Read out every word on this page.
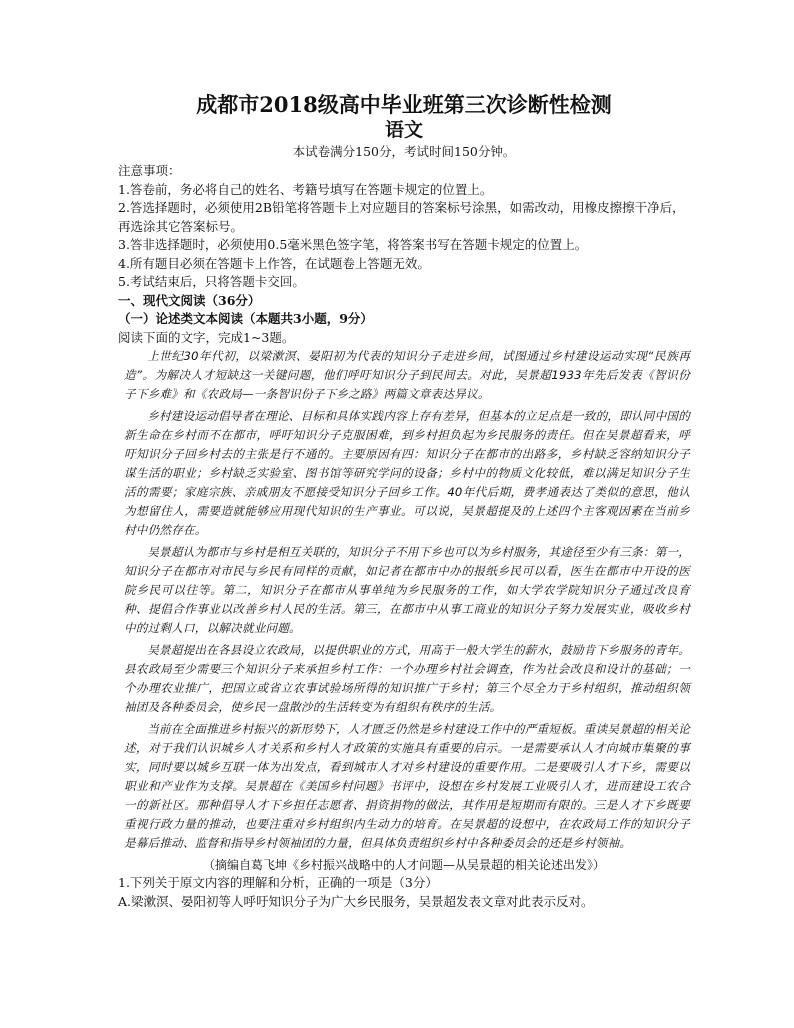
成都市2018级高中毕业班第三次诊断性检测
语文
本试卷满分150分，考试时间150分钟。
注意事项：
1.答卷前，务必将自己的姓名、考籍号填写在答题卡规定的位置上。
2.答选择题时，必须使用2B铅笔将答题卡上对应题目的答案标号涂黑，如需改动，用橡皮擦擦干净后，再选涂其它答案标号。
3.答非选择题时，必须使用0.5毫米黑色签字笔，将答案书写在答题卡规定的位置上。
4.所有题目必须在答题卡上作答，在试题卷上答题无效。
5.考试结束后，只将答题卡交回。
一、现代文阅读（36分）
（一）论述类文本阅读（本题共3小题，9分）
阅读下面的文字，完成1~3题。

上世纪30年代初，以梁漱溟、晏阳初为代表的知识分子走进乡间，试图通过乡村建设运动实现“民族再造”。为解决人才短缺这一关键问题，他们呼吁知识分子到民间去。对此，吴景超1933年先后发表《智识份子下乡难》和《农政局—一条智识份子下乡之路》两篇文章表达异议。

乡村建设运动倡导者在理论、目标和具体实践内容上存有差异，但基本的立足点是一致的，即认同中国的新生命在乡村而不在都市，呼吁知识分子克服困难，到乡村担负起为乡民服务的责任。但在吴景超看来，呼吁知识分子回乡村去的主张是行不通的。主要原因有四：知识分子在都市的出路多，乡村缺乏容纳知识分子谋生活的职业；乡村缺乏实验室、图书馆等研究学问的设备；乡村中的物质文化较低，难以满足知识分子生活的需要；家庭宗族、亲戚朋友不愿接受知识分子回乡工作。40年代后期，费孝通表达了类似的意思，他认为想留住人，需要造就能够应用现代知识的生产事业。可以说，吴景超提及的上述四个主客观因素在当前乡村中仍然存在。

吴景超认为都市与乡村是相互关联的，知识分子不用下乡也可以为乡村服务，其途径至少有三条：第一，知识分子在都市对市民与乡民有同样的贡献，如记者在都市中办的报纸乡民可以看，医生在都市中开设的医院乡民可以往等。第二，知识分子在都市从事单纯为乡民服务的工作，如大学农学院知识分子通过改良育种、提倡合作事业以改善乡村人民的生活。第三，在都市中从事工商业的知识分子努力发展实业，吸收乡村中的过剩人口，以解决就业问题。

吴景超提出在各县设立农政局，以提供职业的方式，用高于一般大学生的薪水，鼓励肯下乡服务的青年。县农政局至少需要三个知识分子来承担乡村工作：一个办理乡村社会调查，作为社会改良和设计的基础；一个办理农业推广，把国立或省立农事试验场所得的知识推广于乡村；第三个尽全力于乡村组织，推动组织领袖团及各种委员会，使乡民一盘散沙的生活转变为有组织有秩序的生活。

当前在全面推进乡村振兴的新形势下，人才匮乏仍然是乡村建设工作中的严重短板。重读吴景超的相关论述，对于我们认识城乡人才关系和乡村人才政策的实施具有重要的启示。一是需要承认人才向城市集聚的事实，同时要以城乡互联一体为出发点，看到城市人才对乡村建设的重要作用。二是要吸引人才下乡，需要以职业和产业作为支撑。吴景超在《美国乡村问题》书评中，设想在乡村发展工业吸引人才，进而建设工农合一的新社区。那种倡导人才下乡担任志愿者、捐资捐物的做法，其作用是短期而有限的。三是人才下乡既要重视行政力量的推动，也要注重对乡村组织内生动力的培育。在吴景超的设想中，在农政局工作的知识分子是幕后推动、监督和指导乡村领袖团的力量，但具体负责组织乡村中各种委员会的还是乡村领袖。

（摘编自葛飞坤《乡村振兴战略中的人才问题—从吴景超的相关论述出发》）
1.下列关于原文内容的理解和分析，正确的一项是（3分）
A.梁漱溟、晏阳初等人呼吁知识分子为广大乡民服务，吴景超发表文章对此表示反对。
